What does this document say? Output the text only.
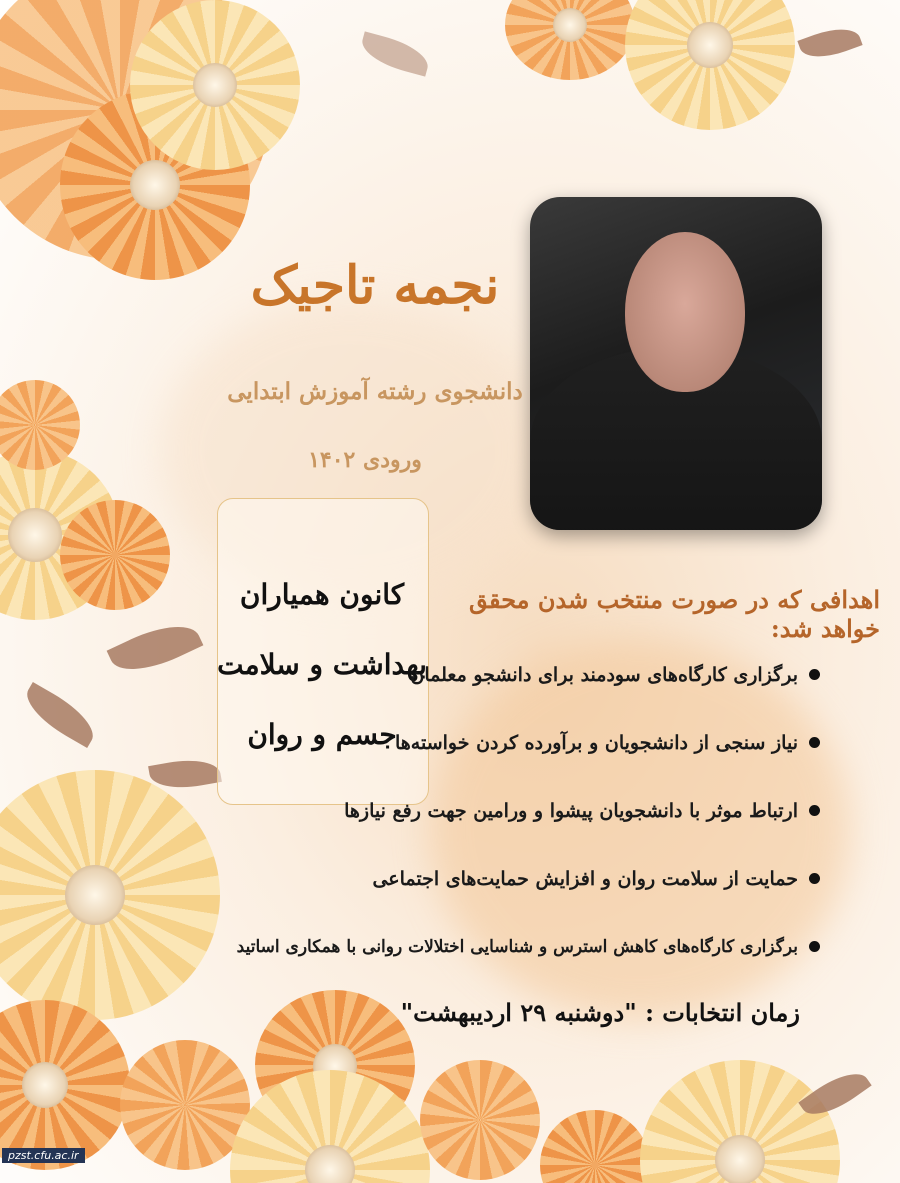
نجمه تاجیک
دانشجوی رشته آموزش ابتدایی
ورودی ۱۴۰۲
کانون همیاران
بهداشت و سلامت
جسم و روان
اهدافی که در صورت منتخب شدن محقق خواهد شد:
برگزاری کارگاه‌های سودمند برای دانشجو معلمان
نیاز سنجی از دانشجویان و برآورده کردن خواسته‌ها
ارتباط موثر با دانشجویان پیشوا و ورامین جهت رفع نیازها
حمایت از سلامت روان و افزایش حمایت‌های اجتماعی
برگزاری کارگاه‌های کاهش استرس و شناسایی اختلالات روانی با همکاری اساتید
زمان انتخابات : "دوشنبه ۲۹ اردیبهشت"
pzst.cfu.ac.ir
